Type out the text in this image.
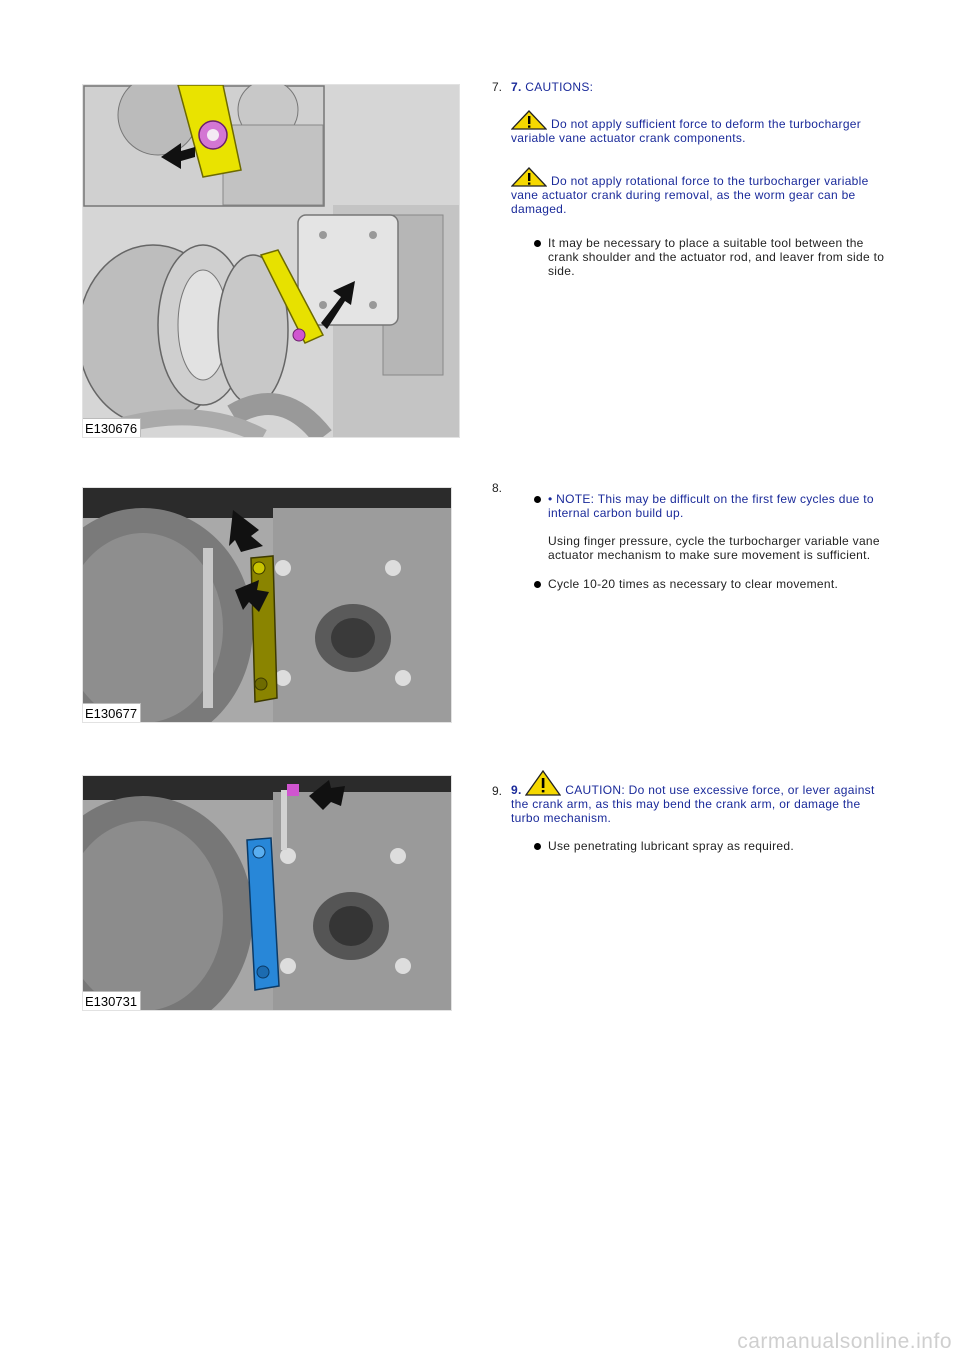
E130676
7. 7. CAUTIONS:
Do not apply sufficient force to deform the turbocharger variable vane actuator crank components.
Do not apply rotational force to the turbocharger variable vane actuator crank during removal, as the worm gear can be damaged.
It may be necessary to place a suitable tool between the crank shoulder and the actuator rod, and leaver from side to side.
E130677
8.
• NOTE: This may be difficult on the first few cycles due to internal carbon build up.
Using finger pressure, cycle the turbocharger variable vane actuator mechanism to make sure movement is sufficient.
Cycle 10-20 times as necessary to clear movement.
E130731
9. 9.	CAUTION: Do not use excessive force, or lever against the crank arm, as this may bend the crank arm, or damage the turbo mechanism.
Use penetrating lubricant spray as required.
carmanualsonline.info
